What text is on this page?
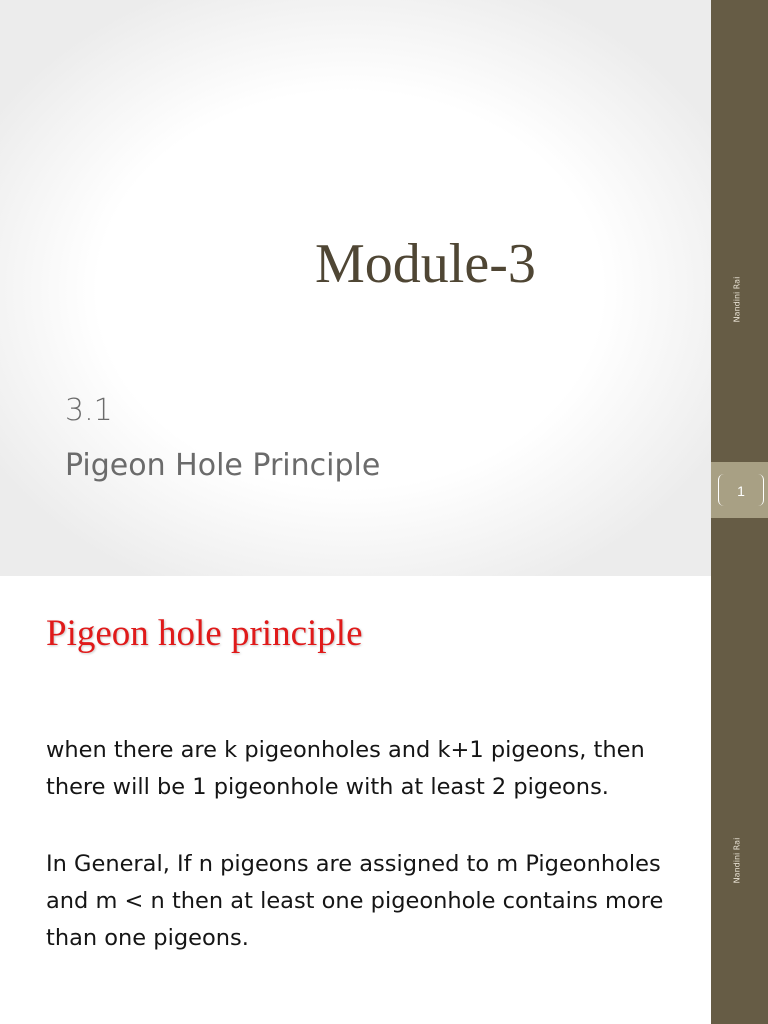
Module-3
3.1
Pigeon Hole Principle
Nandini Rai
1
Pigeon hole principle

when there are k pigeonholes and k+1 pigeons, then there will be 1 pigeonhole with at least 2 pigeons.

In General, If n pigeons are assigned to m Pigeonholes and m < n then at least one pigeonhole contains more than one pigeons.

Nandini Rai
